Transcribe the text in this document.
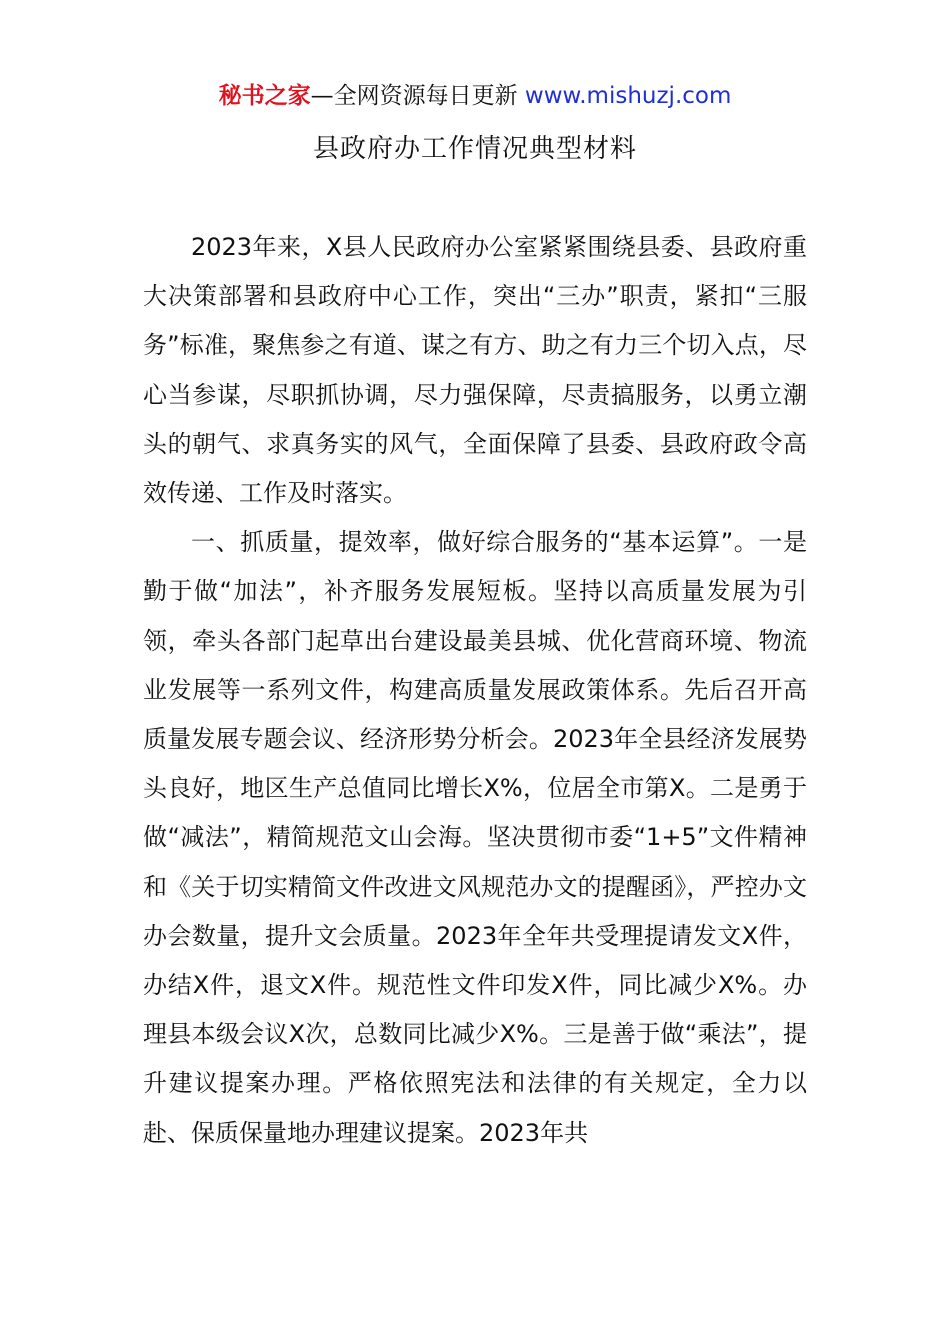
秘书之家—全网资源每日更新 www.mishuzj.com
县政府办工作情况典型材料

2023年来，X县人民政府办公室紧紧围绕县委、县政府重大决策部署和县政府中心工作，突出“三办”职责，紧扣“三服务”标准，聚焦参之有道、谋之有方、助之有力三个切入点，尽心当参谋，尽职抓协调，尽力强保障，尽责搞服务，以勇立潮头的朝气、求真务实的风气，全面保障了县委、县政府政令高效传递、工作及时落实。

一、抓质量，提效率，做好综合服务的“基本运算”。一是勤于做“加法”，补齐服务发展短板。坚持以高质量发展为引领，牵头各部门起草出台建设最美县城、优化营商环境、物流业发展等一系列文件，构建高质量发展政策体系。先后召开高质量发展专题会议、经济形势分析会。2023年全县经济发展势头良好，地区生产总值同比增长X%，位居全市第X。二是勇于做“减法”，精简规范文山会海。坚决贯彻市委“1+5”文件精神和《关于切实精简文件改进文风规范办文的提醒函》，严控办文办会数量，提升文会质量。2023年全年共受理提请发文X件，办结X件，退文X件。规范性文件印发X件，同比减少X%。办理县本级会议X次，总数同比减少X%。三是善于做“乘法”，提升建议提案办理。严格依照宪法和法律的有关规定，全力以赴、保质保量地办理建议提案。2023年共
